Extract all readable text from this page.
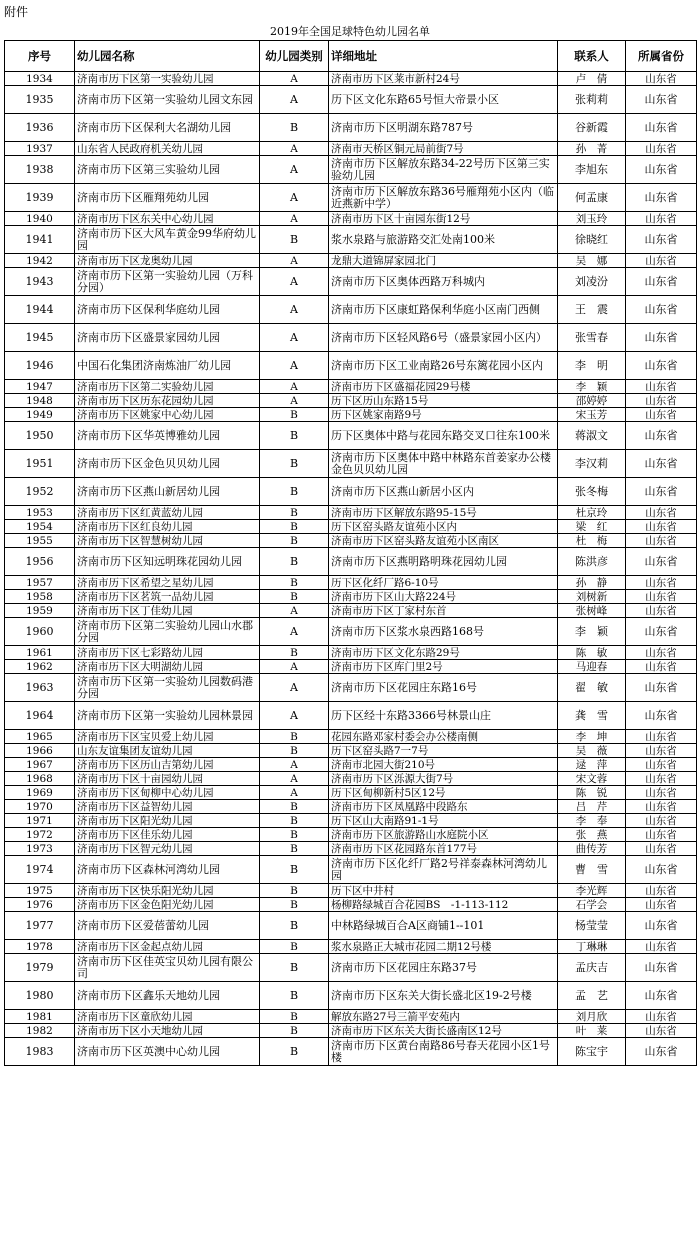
附件
2019年全国足球特色幼儿园名单
序号	幼儿园名称	幼儿园类别	详细地址	联系人	所属省份
1934	济南市历下区第一实验幼儿园	A	济南市历下区莱市新村24号	卢　倩	山东省
1935	济南市历下区第一实验幼儿园文东园	A	历下区文化东路65号恒大帝景小区	张莉莉	山东省
1936	济南市历下区保利大名湖幼儿园	B	济南市历下区明湖东路787号	谷新霞	山东省
1937	山东省人民政府机关幼儿园	A	济南市天桥区铜元局前街7号	孙　菁	山东省
1938	济南市历下区第三实验幼儿园	A	济南市历下区解放东路34-22号历下区第三实验幼儿园	李旭东	山东省
1939	济南市历下区雁翔苑幼儿园	A	济南市历下区解放东路36号雁翔苑小区内（临近燕新中学）	何孟康	山东省
1940	济南市历下区东关中心幼儿园	A	济南市历下区十亩园东街12号	刘玉玲	山东省
1941	济南市历下区大风车黄金99华府幼儿园	B	浆水泉路与旅游路交汇处南100米	徐晓红	山东省
1942	济南市历下区龙奥幼儿园	A	龙鼎大道锦屏家园北门	吴　娜	山东省
1943	济南市历下区第一实验幼儿园（万科分园）	A	济南市历下区奥体西路万科城内	刘凌汾	山东省
1944	济南市历下区保利华庭幼儿园	A	济南市历下区康虹路保利华庭小区南门西侧	王　震	山东省
1945	济南市历下区盛景家园幼儿园	A	济南市历下区轻风路6号（盛景家园小区内）	张雪春	山东省
1946	中国石化集团济南炼油厂幼儿园	A	济南市历下区工业南路26号东篱花园小区内	李　明	山东省
1947	济南市历下区第二实验幼儿园	A	济南市历下区盛福花园29号楼	李　颖	山东省
1948	济南市历下区历东花园幼儿园	A	历下区历山东路15号	邵婷婷	山东省
1949	济南市历下区姚家中心幼儿园	B	历下区姚家南路9号	宋玉芳	山东省
1950	济南市历下区华英博雅幼儿园	B	历下区奥体中路与花园东路交叉口往东100米	蒋淑文	山东省
1951	济南市历下区金色贝贝幼儿园	B	济南市历下区奥体中路中林路东首姜家办公楼金色贝贝幼儿园	李汉莉	山东省
1952	济南市历下区燕山新居幼儿园	B	济南市历下区燕山新居小区内	张冬梅	山东省
1953	济南市历下区红黄蓝幼儿园	B	济南市历下区解放东路95-15号	杜京玲	山东省
1954	济南市历下区红良幼儿园	B	历下区窑头路友谊苑小区内	梁　红	山东省
1955	济南市历下区智慧树幼儿园	B	济南市历下区窑头路友谊苑小区南区	杜　梅	山东省
1956	济南市历下区知远明珠花园幼儿园	B	济南市历下区燕明路明珠花园幼儿园	陈洪彦	山东省
1957	济南市历下区希望之星幼儿园	B	历下区化纤厂路6-10号	孙　静	山东省
1958	济南市历下区茗筑一品幼儿园	B	济南市历下区山大路224号	刘树新	山东省
1959	济南市历下区丁佳幼儿园	A	济南市历下区丁家村东首	张树峰	山东省
1960	济南市历下区第二实验幼儿园山水郡分园	A	济南市历下区浆水泉西路168号	李　颖	山东省
1961	济南市历下区七彩路幼儿园	B	济南市历下区文化东路29号	陈　敏	山东省
1962	济南市历下区大明湖幼儿园	A	济南市历下区库门里2号	马迎春	山东省
1963	济南市历下区第一实验幼儿园数码港分园	A	济南市历下区花园庄东路16号	翟　敏	山东省
1964	济南市历下区第一实验幼儿园林景园	A	历下区经十东路3366号林景山庄	龚　雪	山东省
1965	济南市历下区宝贝爱上幼儿园	B	花园东路邓家村委会办公楼南侧	李　坤	山东省
1966	山东友谊集团友谊幼儿园	B	历下区窑头路7一7号	吴　薇	山东省
1967	济南市历下区历山吉第幼儿园	A	济南市北园大街210号	逯　萍	山东省
1968	济南市历下区十亩园幼儿园	A	济南市历下区泺源大街7号	宋文蓉	山东省
1969	济南市历下区甸柳中心幼儿园	A	历下区甸柳新村5区12号	陈　锐	山东省
1970	济南市历下区益智幼儿园	B	济南市历下区凤凰路中段路东	吕　芹	山东省
1971	济南市历下区阳光幼儿园	B	历下区山大南路91-1号	李　奉	山东省
1972	济南市历下区佳乐幼儿园	B	济南市历下区旅游路山水庭院小区	张　燕	山东省
1973	济南市历下区智元幼儿园	B	济南市历下区花园路东首177号	曲传芳	山东省
1974	济南市历下区森林河湾幼儿园	B	济南市历下区化纤厂路2号祥泰森林河湾幼儿园	曹　雪	山东省
1975	济南市历下区快乐阳光幼儿园	B	历下区中井村	李光辉	山东省
1976	济南市历下区金色阳光幼儿园	B	杨柳路绿城百合花园BS　-1-113-112	石学会	山东省
1977	济南市历下区爱蓓蕾幼儿园	B	中林路绿城百合A区商铺1--101	杨莹莹	山东省
1978	济南市历下区金起点幼儿园	B	浆水泉路正大城市花园二期12号楼	丁琳琳	山东省
1979	济南市历下区佳英宝贝幼儿园有限公司	B	济南市历下区花园庄东路37号	孟庆吉	山东省
1980	济南市历下区鑫乐天地幼儿园	B	济南市历下区东关大街长盛北区19-2号楼	孟　艺	山东省
1981	济南市历下区童欣幼儿园	B	解放东路27号三箭平安苑内	刘月欣	山东省
1982	济南市历下区小天地幼儿园	B	济南市历下区东关大街长盛南区12号	叶　莱	山东省
1983	济南市历下区英澳中心幼儿园	B	济南市历下区黄台南路86号春天花园小区1号楼	陈宝宇	山东省
